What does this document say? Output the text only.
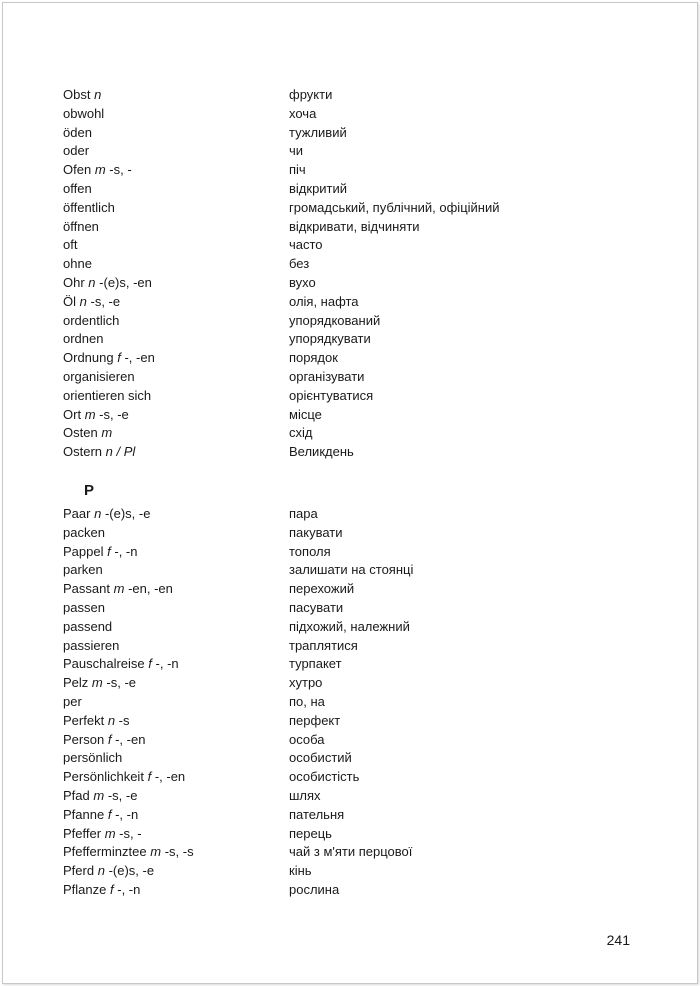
Obst n	фрукти
obwohl	хоча
öden	тужливий
oder	чи
Ofen m -s, -	піч
offen	відкритий
öffentlich	громадський, публічний, офіційний
öffnen	відкривати, відчиняти
oft	часто
ohne	без
Ohr n -(e)s, -en	вухо
Öl n -s, -e	олія, нафта
ordentlich	упорядкований
ordnen	упорядкувати
Ordnung f -, -en	порядок
organisieren	організувати
orientieren sich	орієнтуватися
Ort m -s, -e	місце
Osten m	схід
Ostern n / Pl	Великдень
P
Paar n -(e)s, -e	пара
packen	пакувати
Pappel f -, -n	тополя
parken	залишати на стоянці
Passant m -en, -en	перехожий
passen	пасувати
passend	підхожий, належний
passieren	траплятися
Pauschalreise f -, -n	турпакет
Pelz m -s, -e	хутро
per	по, на
Perfekt n -s	перфект
Person f -, -en	особа
persönlich	особистий
Persönlichkeit f -, -en	особистість
Pfad m -s, -e	шлях
Pfanne f -, -n	пательня
Pfeffer m -s, -	перець
Pfefferminztee m -s, -s	чай з м'яти перцової
Pferd n -(e)s, -e	кінь
Pflanze f -, -n	рослина
241
